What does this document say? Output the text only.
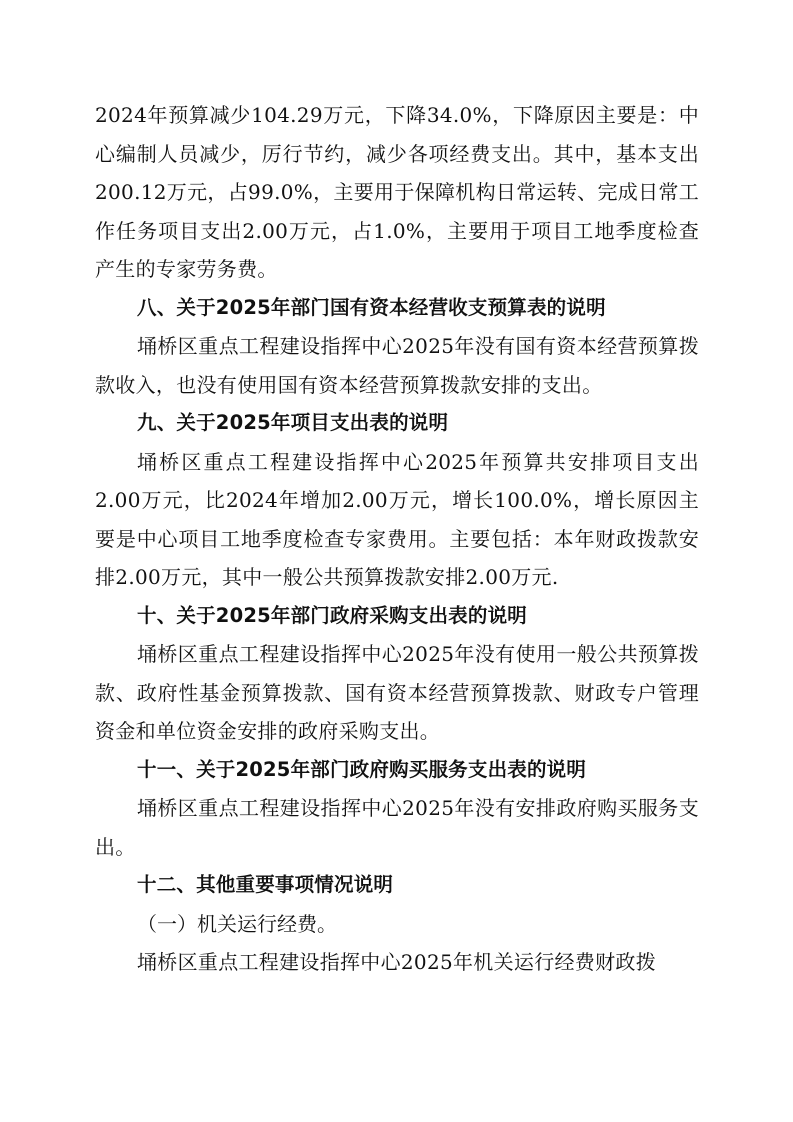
2024年预算减少104.29万元，下降34.0%，下降原因主要是：中心编制人员减少，厉行节约，减少各项经费支出。其中，基本支出200.12万元，占99.0%，主要用于保障机构日常运转、完成日常工作任务项目支出2.00万元，占1.0%，主要用于项目工地季度检查产生的专家劳务费。

八、关于2025年部门国有资本经营收支预算表的说明

埇桥区重点工程建设指挥中心2025年没有国有资本经营预算拨款收入，也没有使用国有资本经营预算拨款安排的支出。

九、关于2025年项目支出表的说明

埇桥区重点工程建设指挥中心2025年预算共安排项目支出2.00万元，比2024年增加2.00万元，增长100.0%，增长原因主要是中心项目工地季度检查专家费用。主要包括：本年财政拨款安排2.00万元，其中一般公共预算拨款安排2.00万元.

十、关于2025年部门政府采购支出表的说明

埇桥区重点工程建设指挥中心2025年没有使用一般公共预算拨款、政府性基金预算拨款、国有资本经营预算拨款、财政专户管理资金和单位资金安排的政府采购支出。

十一、关于2025年部门政府购买服务支出表的说明

埇桥区重点工程建设指挥中心2025年没有安排政府购买服务支出。

十二、其他重要事项情况说明

（一）机关运行经费。

埇桥区重点工程建设指挥中心2025年机关运行经费财政拨
